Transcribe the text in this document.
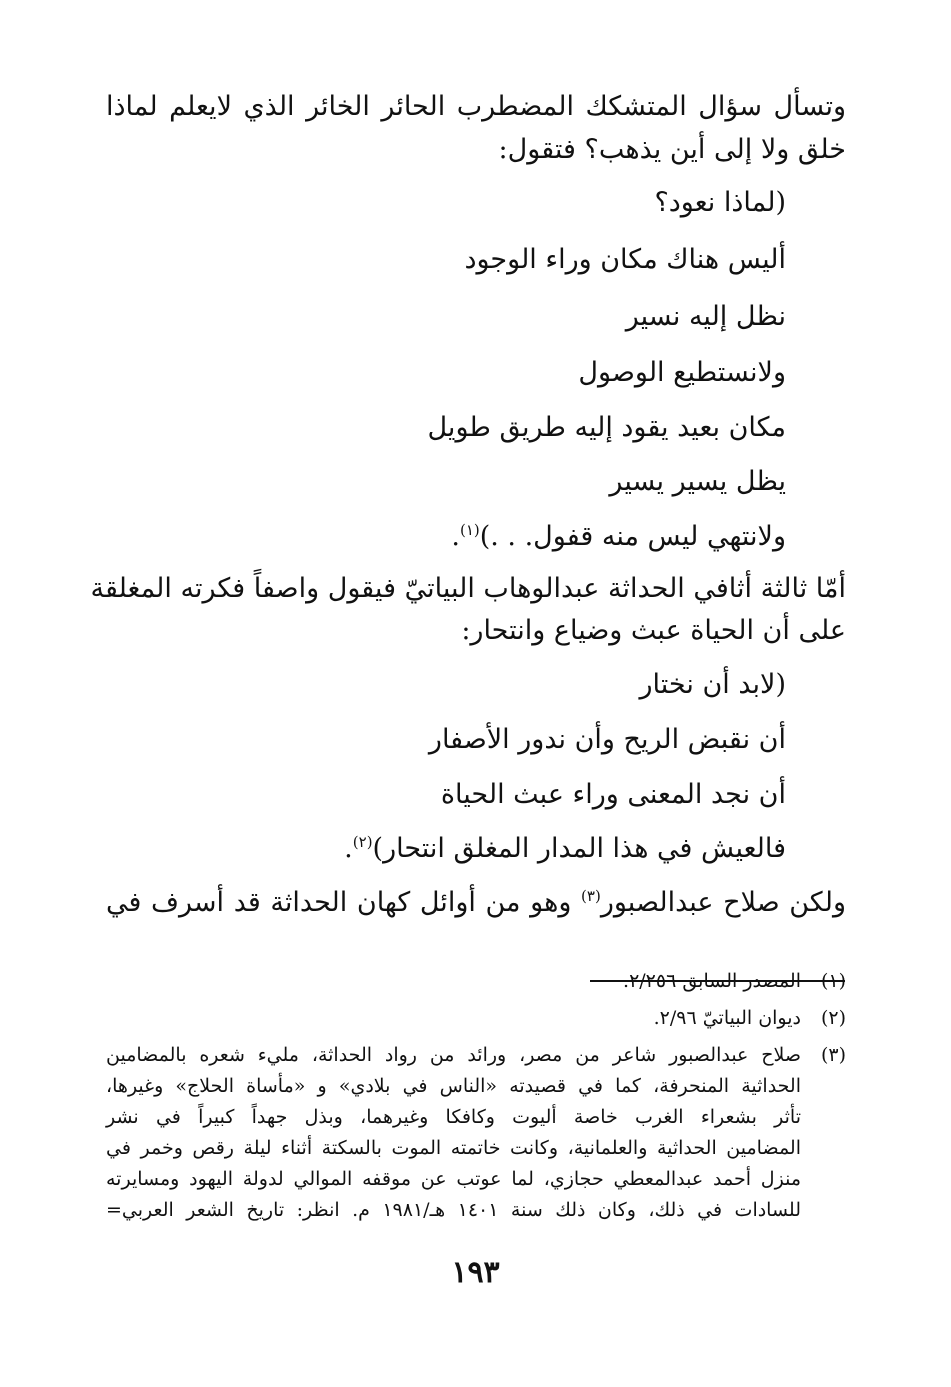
وتسأل سؤال المتشكك المضطرب الحائر الخائر الذي لايعلم لماذا
خلق ولا إلى أين يذهب؟ فتقول:
(لماذا نعود؟
أليس هناك مكان وراء الوجود
نظل إليه نسير
ولانستطيع الوصول
مكان بعيد يقود إليه طريق طويل
يظل يسير يسير
ولانتهي ليس منه قفول. . .)$^{(١)}$.
أمّا ثالثة أثافي الحداثة عبدالوهاب البياتيّ فيقول واصفاً فكرته المغلقة
على أن الحياة عبث وضياع وانتحار:
(لابد أن نختار
أن نقبض الريح وأن ندور الأصفار
أن نجد المعنى وراء عبث الحياة
فالعيش في هذا المدار المغلق انتحار)$^{(٢)}$.
ولكن صلاح عبدالصبور$^{(٣)}$ وهو من أوائل كهان الحداثة قد أسرف في
(١)
المصدر السابق ٢/٢٥٦.
(٢)
ديوان البياتيّ ٢/٩٦.
(٣)
صلاح عبدالصبور شاعر من مصر، ورائد من رواد الحداثة، مليء شعره بالمضامين
الحداثية المنحرفة، كما في قصيدته «الناس في بلادي» و «مأساة الحلاج» وغيرها،
تأثر بشعراء الغرب خاصة أليوت وكافكا وغيرهما، وبذل جهداً كبيراً في نشر
المضامين الحداثية والعلمانية، وكانت خاتمته الموت بالسكتة أثناء ليلة رقص وخمر في
منزل أحمد عبدالمعطي حجازي، لما عوتب عن موقفه الموالي لدولة اليهود ومسايرته
للسادات في ذلك، وكان ذلك سنة ١٤٠١ هـ/١٩٨١ م. انظر: تاريخ الشعر العربي=
١٩٣
